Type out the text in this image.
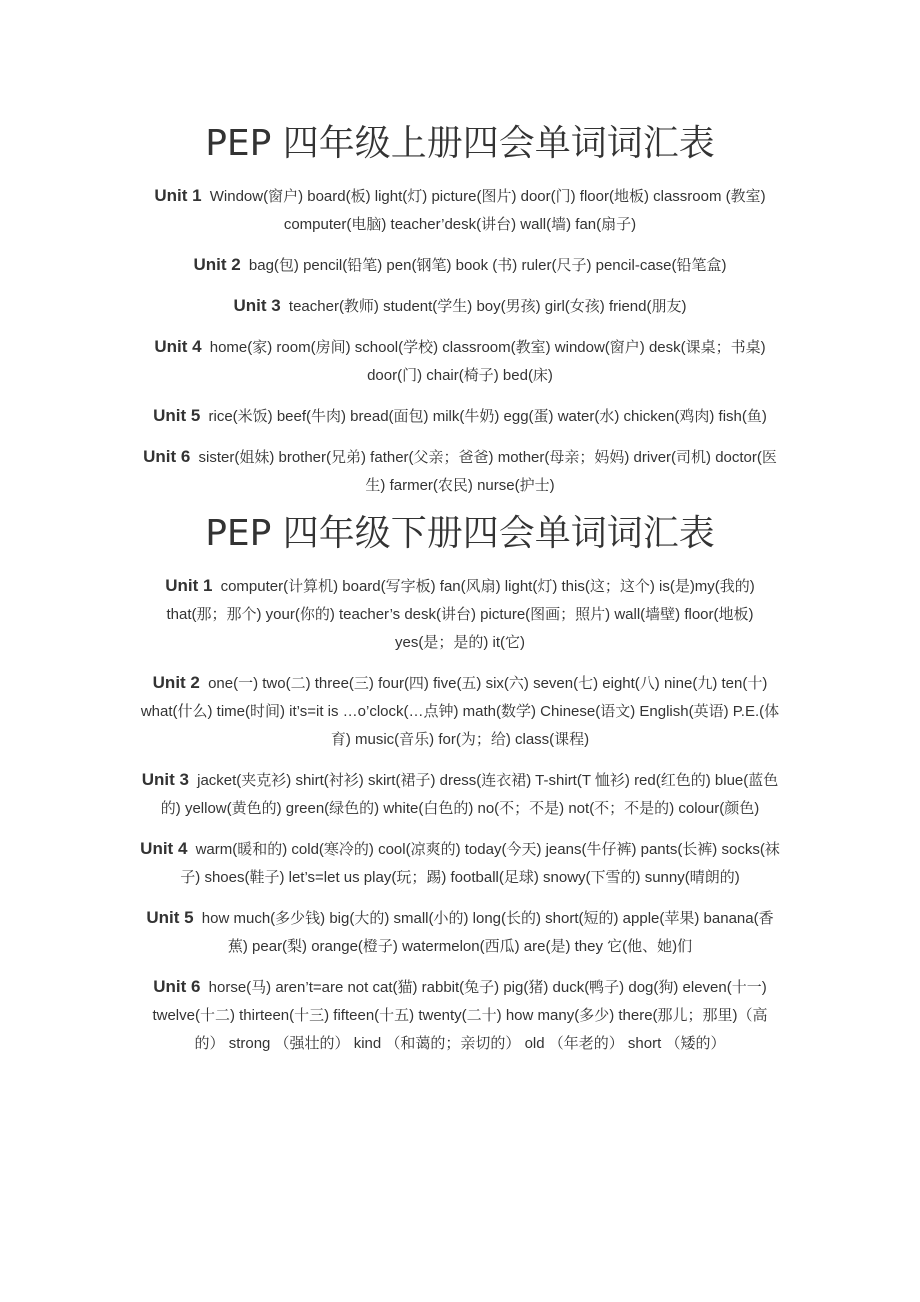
PEP 四年级上册四会单词词汇表

Unit 1 Window(窗户) board(板) light(灯) picture(图片) door(门) floor(地板) classroom (教室) computer(电脑) teacher’desk(讲台) wall(墙) fan(扇子)

Unit 2 bag(包) pencil(铅笔) pen(钢笔) book (书) ruler(尺子) pencil-case(铅笔盒)

Unit 3 teacher(教师) student(学生) boy(男孩) girl(女孩) friend(朋友)

Unit 4 home(家) room(房间) school(学校) classroom(教室) window(窗户) desk(课桌；书桌) door(门) chair(椅子) bed(床)

Unit 5 rice(米饭) beef(牛肉) bread(面包) milk(牛奶) egg(蛋) water(水) chicken(鸡肉) fish(鱼)

Unit 6 sister(姐妹) brother(兄弟) father(父亲；爸爸) mother(母亲；妈妈) driver(司机) doctor(医生) farmer(农民) nurse(护士)

PEP 四年级下册四会单词词汇表

Unit 1 computer(计算机) board(写字板) fan(风扇) light(灯) this(这；这个) is(是)my(我的) that(那；那个) your(你的) teacher’s desk(讲台) picture(图画；照片) wall(墙壁) floor(地板) yes(是；是的) it(它)

Unit 2 one(一) two(二) three(三) four(四) five(五) six(六) seven(七) eight(八) nine(九) ten(十) what(什么) time(时间) it’s=it is …o’clock(…点钟) math(数学) Chinese(语文) English(英语) P.E.(体育) music(音乐) for(为；给) class(课程)

Unit 3 jacket(夹克衫) shirt(衬衫) skirt(裙子) dress(连衣裙) T-shirt(T 恤衫) red(红色的) blue(蓝色的) yellow(黄色的) green(绿色的) white(白色的) no(不；不是) not(不；不是的) colour(颜色)

Unit 4 warm(暖和的) cold(寒冷的) cool(凉爽的) today(今天) jeans(牛仔裤) pants(长裤) socks(袜子) shoes(鞋子) let’s=let us play(玩；踢) football(足球) snowy(下雪的) sunny(晴朗的)

Unit 5 how much(多少钱) big(大的) small(小的) long(长的) short(短的) apple(苹果) banana(香蕉) pear(梨) orange(橙子) watermelon(西瓜) are(是) they 它(他、她)们

Unit 6 horse(马) aren’t=are not cat(猫) rabbit(兔子) pig(猪) duck(鸭子) dog(狗) eleven(十一) twelve(十二) thirteen(十三) fifteen(十五) twenty(二十) how many(多少) there(那儿；那里)（高的） strong （强壮的） kind （和蔼的；亲切的） old （年老的） short （矮的）
